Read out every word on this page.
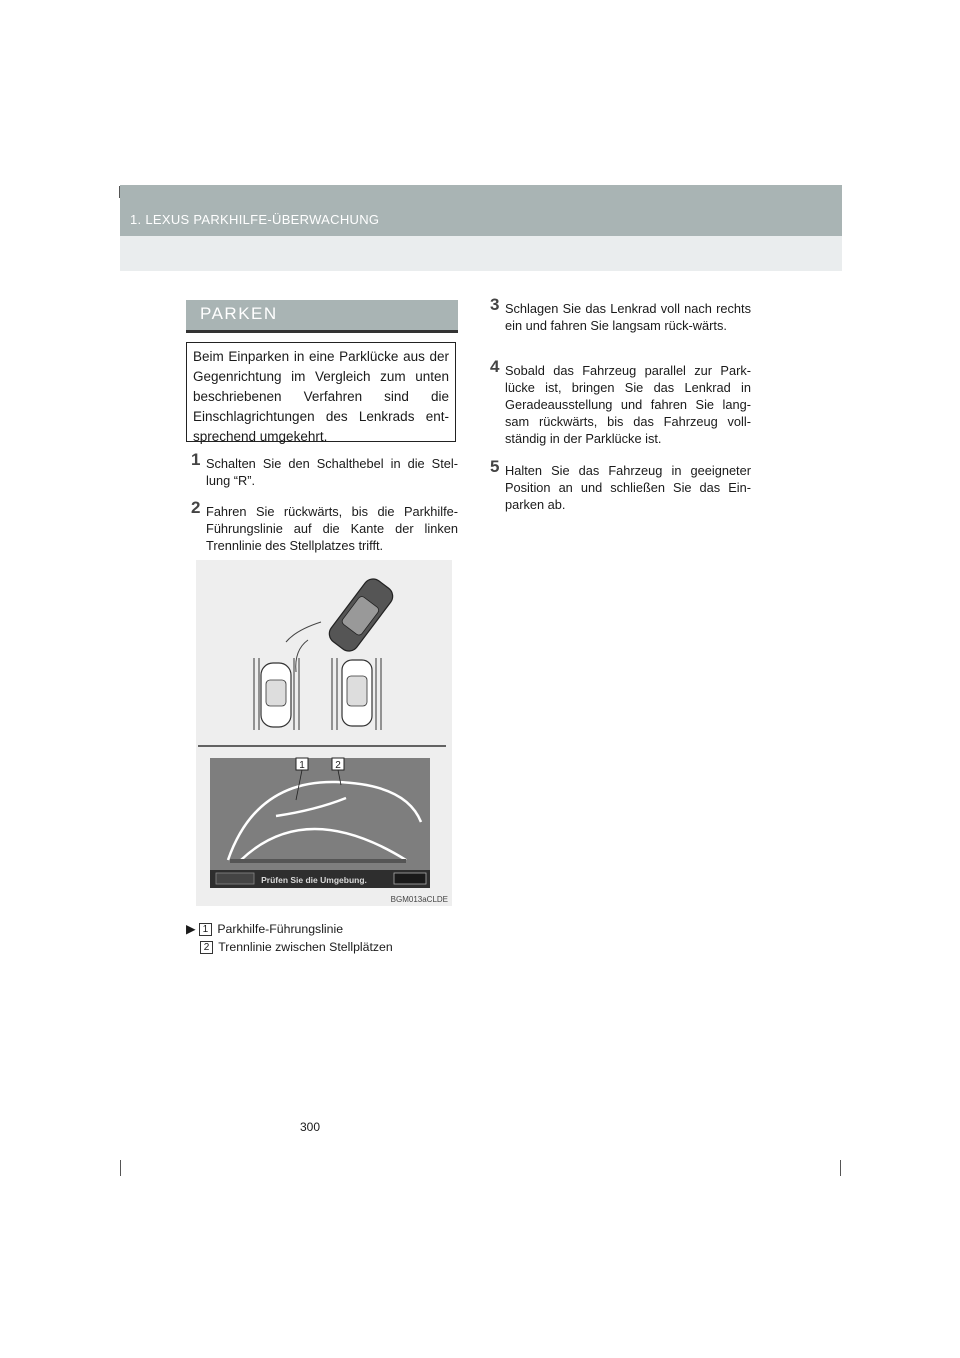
1. LEXUS PARKHILFE-ÜBERWACHUNG
PARKEN
Beim Einparken in eine Parklücke aus der Gegenrichtung im Vergleich zum unten beschriebenen Verfahren sind die Einschlagrichtungen des Lenkrads ent-sprechend umgekehrt.
1 Schalten Sie den Schalthebel in die Stel-lung “R”.
2 Fahren Sie rückwärts, bis die Parkhilfe-Führungslinie auf die Kante der linken Trennlinie des Stellplatzes trifft.
3 Schlagen Sie das Lenkrad voll nach rechts ein und fahren Sie langsam rück-wärts.
4 Sobald das Fahrzeug parallel zur Park-lücke ist, bringen Sie das Lenkrad in Geradeausstellung und fahren Sie lang-sam rückwärts, bis das Fahrzeug voll-ständig in der Parklücke ist.
5 Halten Sie das Fahrzeug in geeigneter Position an und schließen Sie das Ein-parken ab.
Prüfen Sie die Umgebung.
1	2
BGM013aCLDE
▶ 1 Parkhilfe-Führungslinie
2 Trennlinie zwischen Stellplätzen
300
